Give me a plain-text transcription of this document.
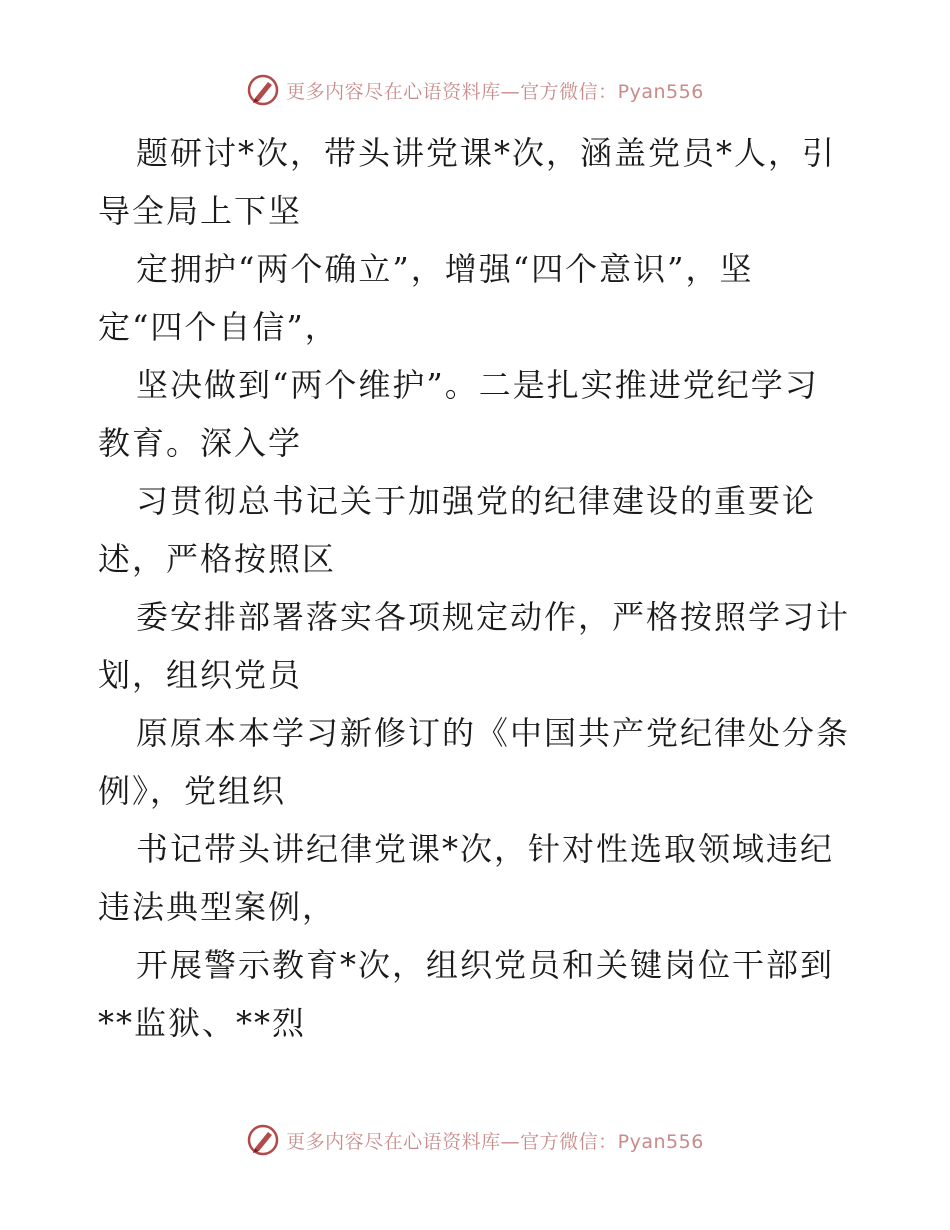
更多内容尽在心语资料库—官方微信：Pyan556
题研讨*次，带头讲党课*次，涵盖党员*人，引
导全局上下坚
定拥护“两个确立”，增强“四个意识”，坚
定“四个自信”，
坚决做到“两个维护”。二是扎实推进党纪学习
教育。深入学
习贯彻总书记关于加强党的纪律建设的重要论
述，严格按照区
委安排部署落实各项规定动作，严格按照学习计
划，组织党员
原原本本学习新修订的《中国共产党纪律处分条
例》，党组织
书记带头讲纪律党课*次，针对性选取领域违纪
违法典型案例，
开展警示教育*次，组织党员和关键岗位干部到
**监狱、**烈
更多内容尽在心语资料库—官方微信：Pyan556
